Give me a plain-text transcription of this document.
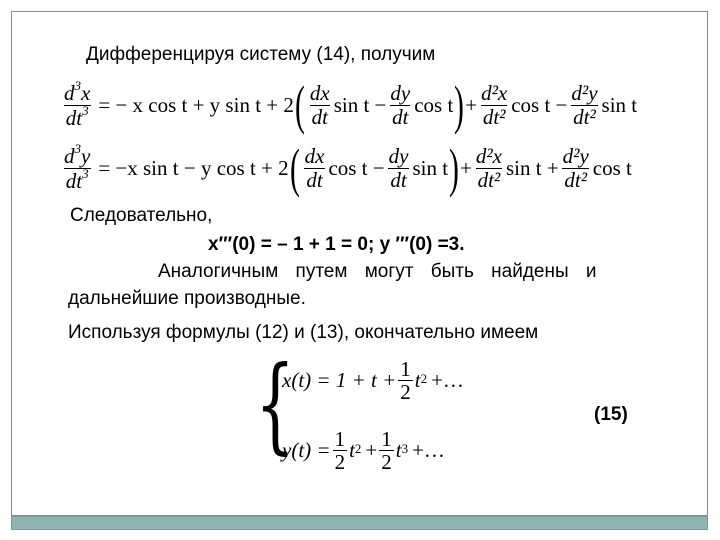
Дифференцируя систему (14), получим
$\frac{d^3x}{dt^3}$ = − x cos t + y sin t + 2 ( $\frac{dx}{dt}$ $\sin t - \frac{dy}{dt}$ cos t ) + $\frac{\text{d²x}}{\text{dt²}}$ $\cos t - \frac{\text{d²y}}{\text{dt²}}$ sin t
$\frac{d^3y}{dt^3} = -x$ sin t − y cos t + 2 ( $\frac{dx}{dt}$ $\cos t - \frac{dy}{dt}$ sin t ) + $\frac{\text{d²x}}{\text{dt²}}$ $\sin t + \frac{\text{d²y}}{\text{dt²}}$ cos t
Следовательно,
x′′′(0) = – 1 + 1 = 0; y ′′′(0) =3.
Аналогичным путем могут быть найдены и
дальнейшие производные.
Используя формулы (12) и (13), окончательно имеем
{
$x(t) = 1 + t + \frac{1}{2} t^2$ +…
$y(t) = \frac{1}{2} t^2 + \frac{1}{2} t^3$ +…
(15)
